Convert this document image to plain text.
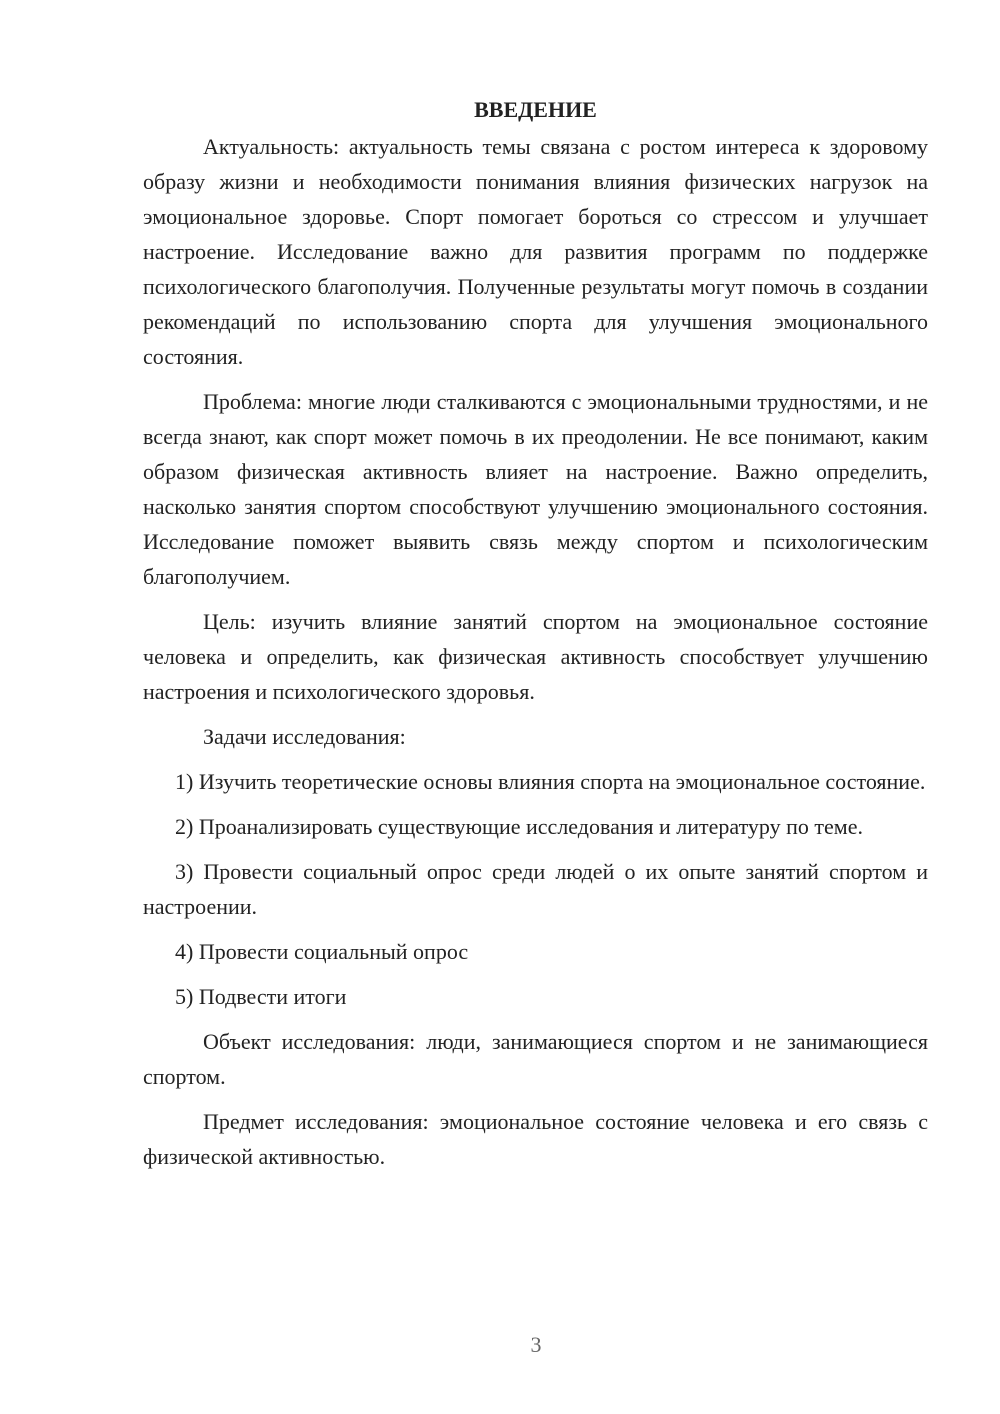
ВВЕДЕНИЕ

Актуальность: актуальность темы связана с ростом интереса к здоровому образу жизни и необходимости понимания влияния физических нагрузок на эмоциональное здоровье. Спорт помогает бороться со стрессом и улучшает настроение. Исследование важно для развития программ по поддержке психологического благополучия. Полученные результаты могут помочь в создании рекомендаций по использованию спорта для улучшения эмоционального состояния.

Проблема: многие люди сталкиваются с эмоциональными трудностями, и не всегда знают, как спорт может помочь в их преодолении. Не все понимают, каким образом физическая активность влияет на настроение. Важно определить, насколько занятия спортом способствуют улучшению эмоционального состояния. Исследование поможет выявить связь между спортом и психологическим благополучием.

Цель: изучить влияние занятий спортом на эмоциональное состояние человека и определить, как физическая активность способствует улучшению настроения и психологического здоровья.

Задачи исследования:

1) Изучить теоретические основы влияния спорта на эмоциональное состояние.

2) Проанализировать существующие исследования и литературу по теме.

3) Провести социальный опрос среди людей о их опыте занятий спортом и настроении.

4) Провести социальный опрос

5) Подвести итоги

Объект исследования: люди, занимающиеся спортом и не занимающиеся спортом.

Предмет исследования: эмоциональное состояние человека и его связь с физической активностью.

3
